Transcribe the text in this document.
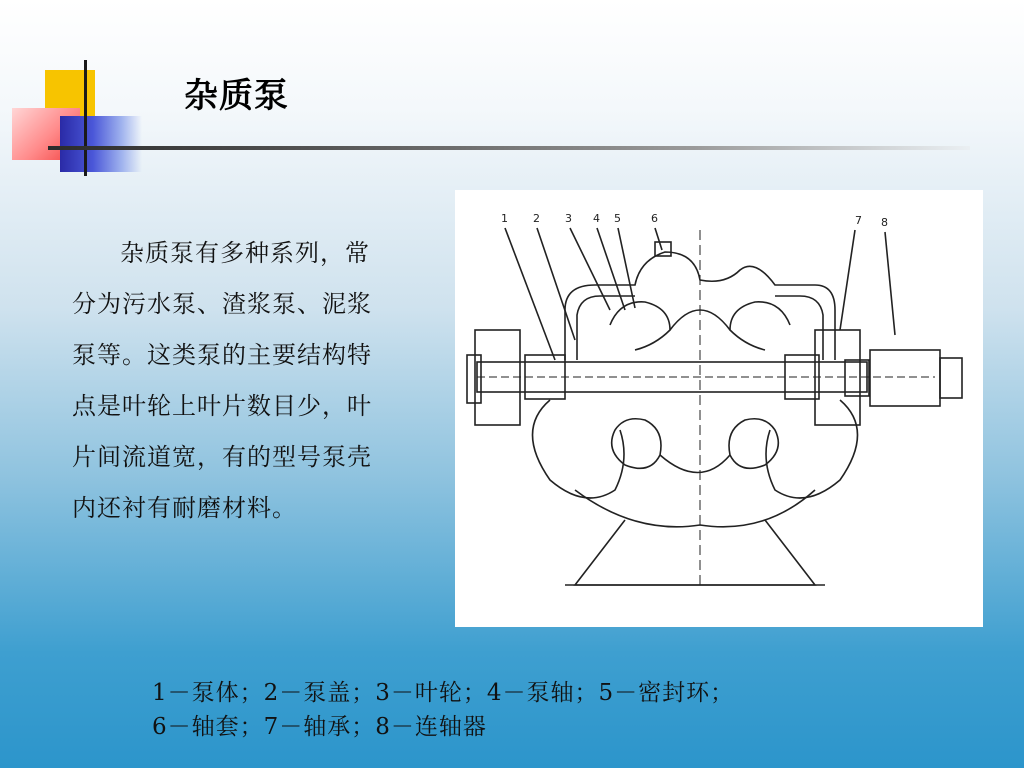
杂质泵

杂质泵有多种系列，常分为污水泵、渣浆泵、泥浆泵等。这类泵的主要结构特点是叶轮上叶片数目少，叶片间流道宽，有的型号泵壳内还衬有耐磨材料。

1 2 3 4 5	6	7 8

1－泵体；2－泵盖；3－叶轮；4－泵轴；5－密封环；
6－轴套；7－轴承；8－连轴器
